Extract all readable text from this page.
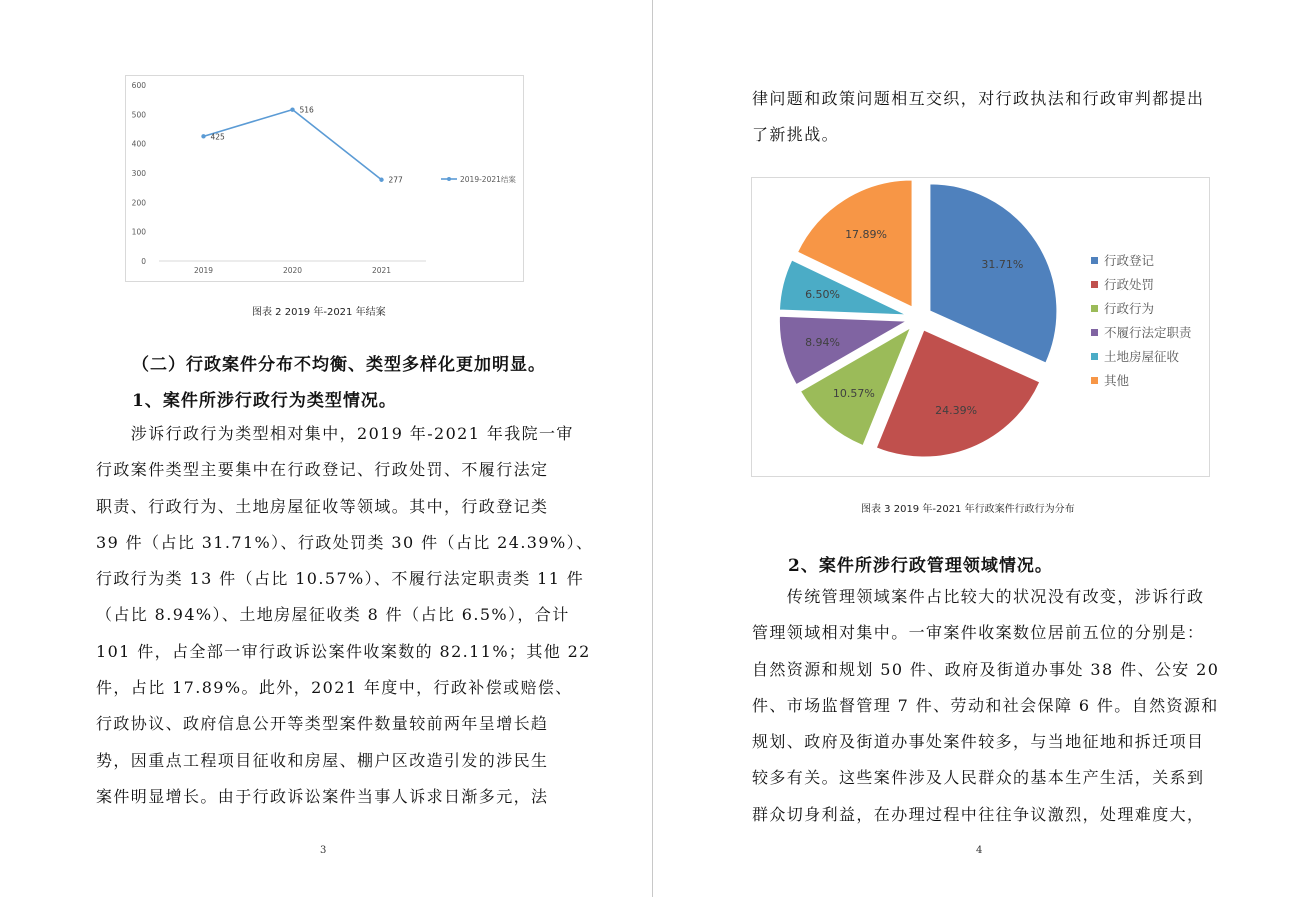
0
100
200
300
400
500
600
2019	2020	2021
425
516
277	2019-2021结案
图表 2 2019 年-2021 年结案
（二）行政案件分布不均衡、类型多样化更加明显。
1、案件所涉行政行为类型情况。
　　涉诉行政行为类型相对集中，2019 年-2021 年我院一审
行政案件类型主要集中在行政登记、行政处罚、不履行法定
职责、行政行为、土地房屋征收等领域。其中，行政登记类
39 件（占比 31.71%）、行政处罚类 30 件（占比 24.39%）、
行政行为类 13 件（占比 10.57%）、不履行法定职责类 11 件
（占比 8.94%）、土地房屋征收类 8 件（占比 6.5%），合计
101 件，占全部一审行政诉讼案件收案数的 82.11%；其他 22
件，占比 17.89%。此外，2021 年度中，行政补偿或赔偿、
行政协议、政府信息公开等类型案件数量较前两年呈增长趋
势，因重点工程项目征收和房屋、棚户区改造引发的涉民生
案件明显增长。由于行政诉讼案件当事人诉求日渐多元，法
3
律问题和政策问题相互交织，对行政执法和行政审判都提出
了新挑战。
31.71%
24.39%
10.57%
8.94%
6.50%
17.89%
行政登记
行政处罚
行政行为
不履行法定职责
土地房屋征收
其他
图表 3 2019 年-2021 年行政案件行政行为分布
2、案件所涉行政管理领域情况。
　　传统管理领域案件占比较大的状况没有改变，涉诉行政
管理领域相对集中。一审案件收案数位居前五位的分别是：
自然资源和规划 50 件、政府及街道办事处 38 件、公安 20
件、市场监督管理 7 件、劳动和社会保障 6 件。自然资源和
规划、政府及街道办事处案件较多，与当地征地和拆迁项目
较多有关。这些案件涉及人民群众的基本生产生活，关系到
群众切身利益，在办理过程中往往争议激烈，处理难度大，
4
